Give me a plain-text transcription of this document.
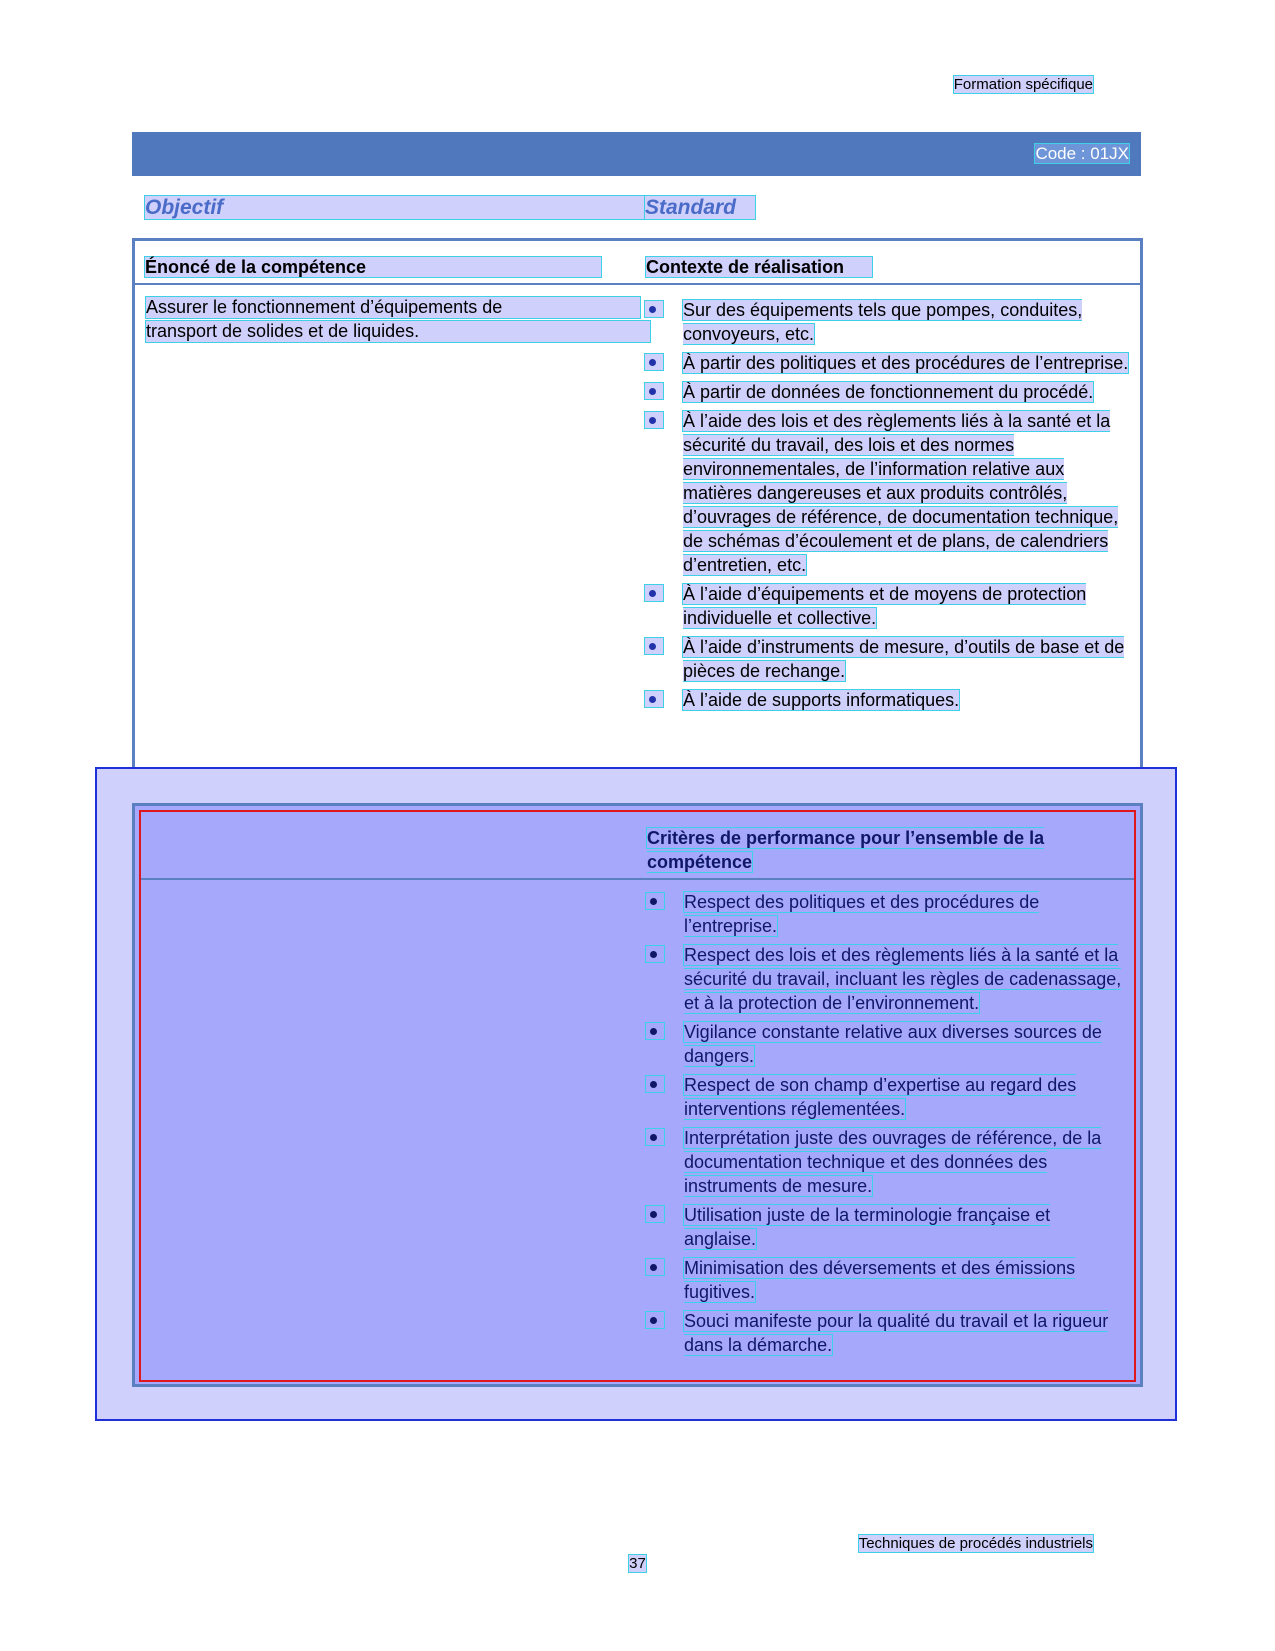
Formation spécifique
Code : 01JX
Objectif	Standard
Énoncé de la compétence	Contexte de réalisation
Assurer le fonctionnement d’équipements de
transport de solides et de liquides.
Sur des équipements tels que pompes, conduites, convoyeurs, etc.
À partir des politiques et des procédures de l’entreprise.
À partir de données de fonctionnement du procédé.
À l’aide des lois et des règlements liés à la santé et la sécurité du travail, des lois et des normes environnementales, de l’information relative aux matières dangereuses et aux produits contrôlés, d’ouvrages de référence, de documentation technique, de schémas d’écoulement et de plans, de calendriers d’entretien, etc.
À l’aide d’équipements et de moyens de protection individuelle et collective.
À l’aide d’instruments de mesure, d’outils de base et de pièces de rechange.
À l’aide de supports informatiques.
Critères de performance pour l’ensemble de la compétence
Respect des politiques et des procédures de l’entreprise.
Respect des lois et des règlements liés à la santé et la sécurité du travail, incluant les règles de cadenassage, et à la protection de l’environnement.
Vigilance constante relative aux diverses sources de dangers.
Respect de son champ d’expertise au regard des interventions réglementées.
Interprétation juste des ouvrages de référence, de la documentation technique et des données des instruments de mesure.
Utilisation juste de la terminologie française et anglaise.
Minimisation des déversements et des émissions fugitives.
Souci manifeste pour la qualité du travail et la rigueur dans la démarche.
Techniques de procédés industriels
37
